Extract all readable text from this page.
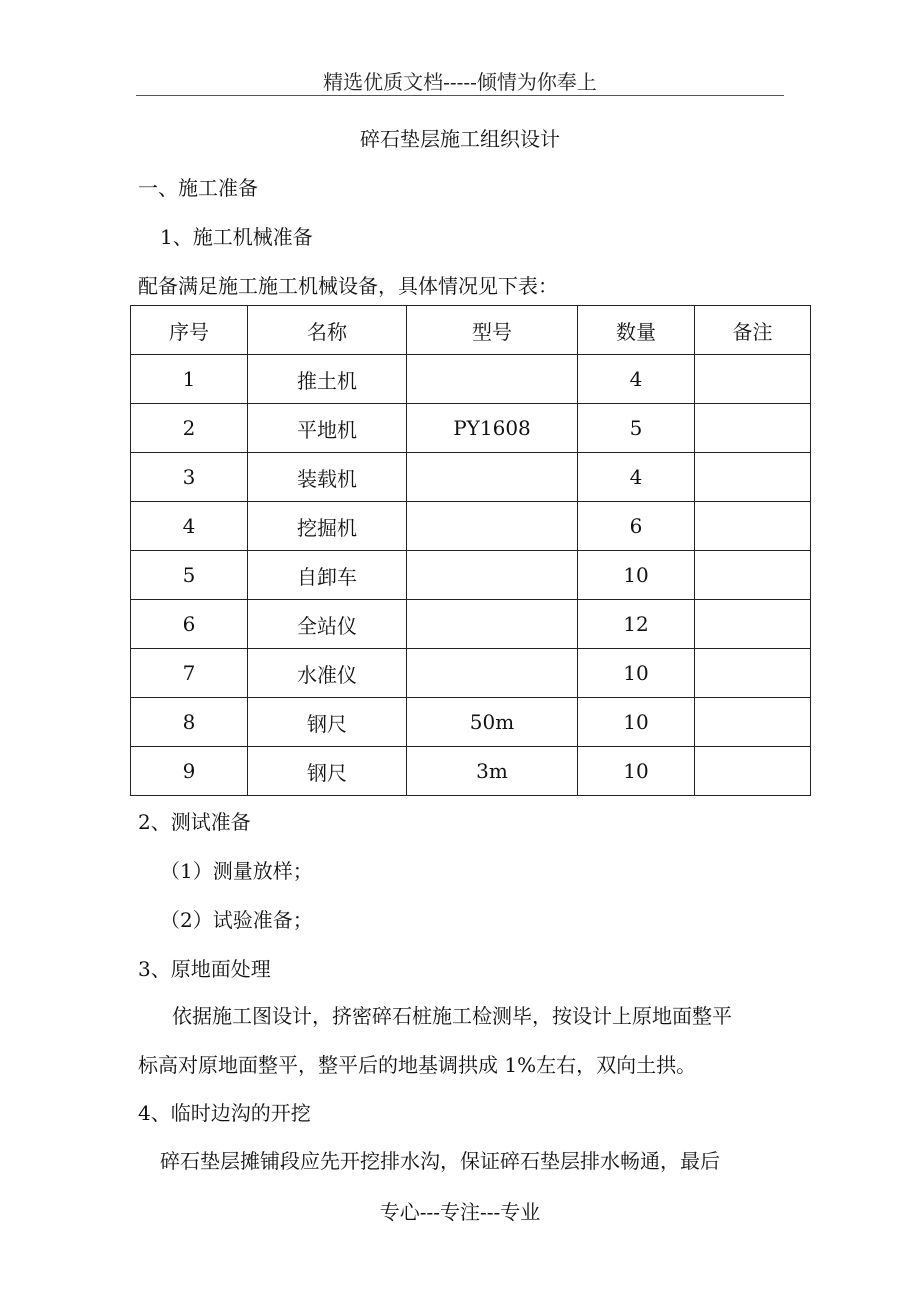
精选优质文档-----倾情为你奉上
碎石垫层施工组织设计
一、施工准备
1、施工机械准备
配备满足施工施工机械设备，具体情况见下表：
序号	名称	型号	数量	备注
1	推土机		4	
2	平地机	PY1608	5	
3	装载机		4	
4	挖掘机		6	
5	自卸车		10	
6	全站仪		12	
7	水准仪		10	
8	钢尺	50m	10	
9	钢尺	3m	10	
2、测试准备
（1）测量放样；
（2）试验准备；
3、原地面处理
依据施工图设计，挤密碎石桩施工检测毕，按设计上原地面整平
标高对原地面整平，整平后的地基调拱成 1%左右，双向土拱。
4、临时边沟的开挖
碎石垫层摊铺段应先开挖排水沟，保证碎石垫层排水畅通，最后
专心---专注---专业
